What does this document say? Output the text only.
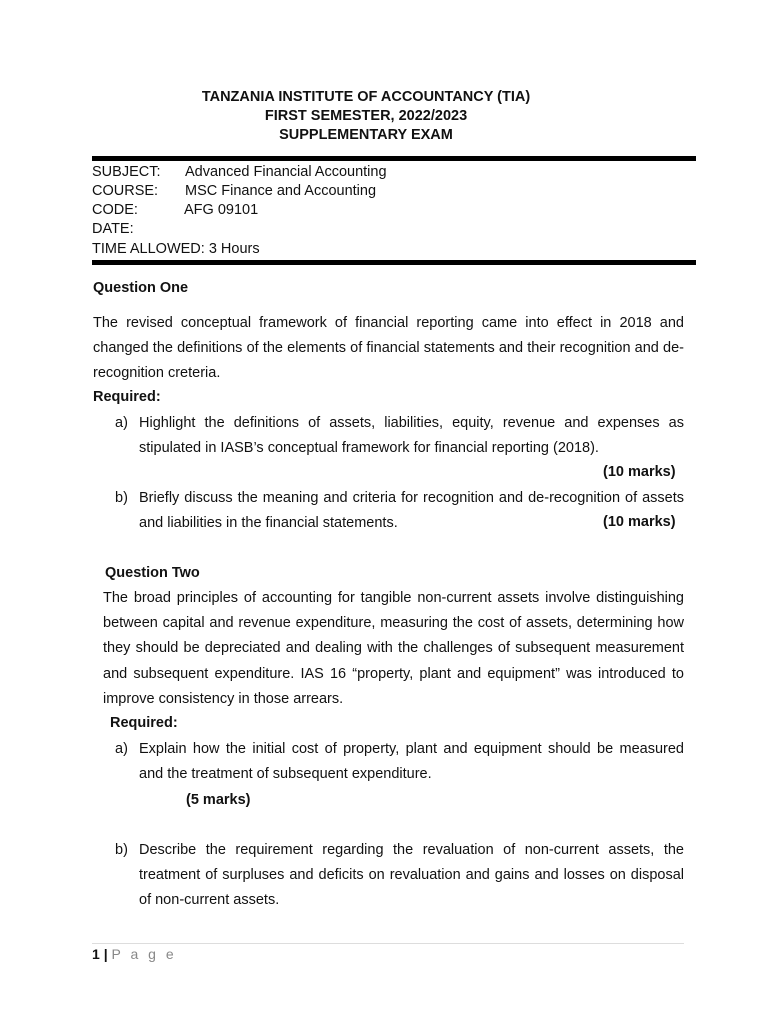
TANZANIA INSTITUTE OF ACCOUNTANCY (TIA)
FIRST SEMESTER, 2022/2023
SUPPLEMENTARY EXAM
SUBJECT: Advanced Financial Accounting
COURSE: MSC Finance and Accounting
CODE:	AFG 09101
DATE:
TIME ALLOWED: 3 Hours
Question One
The revised conceptual framework of financial reporting came into effect in 2018 and changed the definitions of the elements of financial statements and their recognition and de-recognition creteria.
Required:
a) Highlight the definitions of assets, liabilities, equity, revenue and expenses as stipulated in IASB’s conceptual framework for financial reporting (2018).
(10 marks)
b) Briefly discuss the meaning and criteria for recognition and de-recognition of assets and liabilities in the financial statements.	(10 marks)
Question Two
The broad principles of accounting for tangible non-current assets involve distinguishing between capital and revenue expenditure, measuring the cost of assets, determining how they should be depreciated and dealing with the challenges of subsequent measurement and subsequent expenditure. IAS 16 “property, plant and equipment” was introduced to improve consistency in those arrears.
Required:
a) Explain how the initial cost of property, plant and equipment should be measured and the treatment of subsequent expenditure.
(5 marks)
b) Describe the requirement regarding the revaluation of non-current assets, the treatment of surpluses and deficits on revaluation and gains and losses on disposal of non-current assets.
1 | P a g e
